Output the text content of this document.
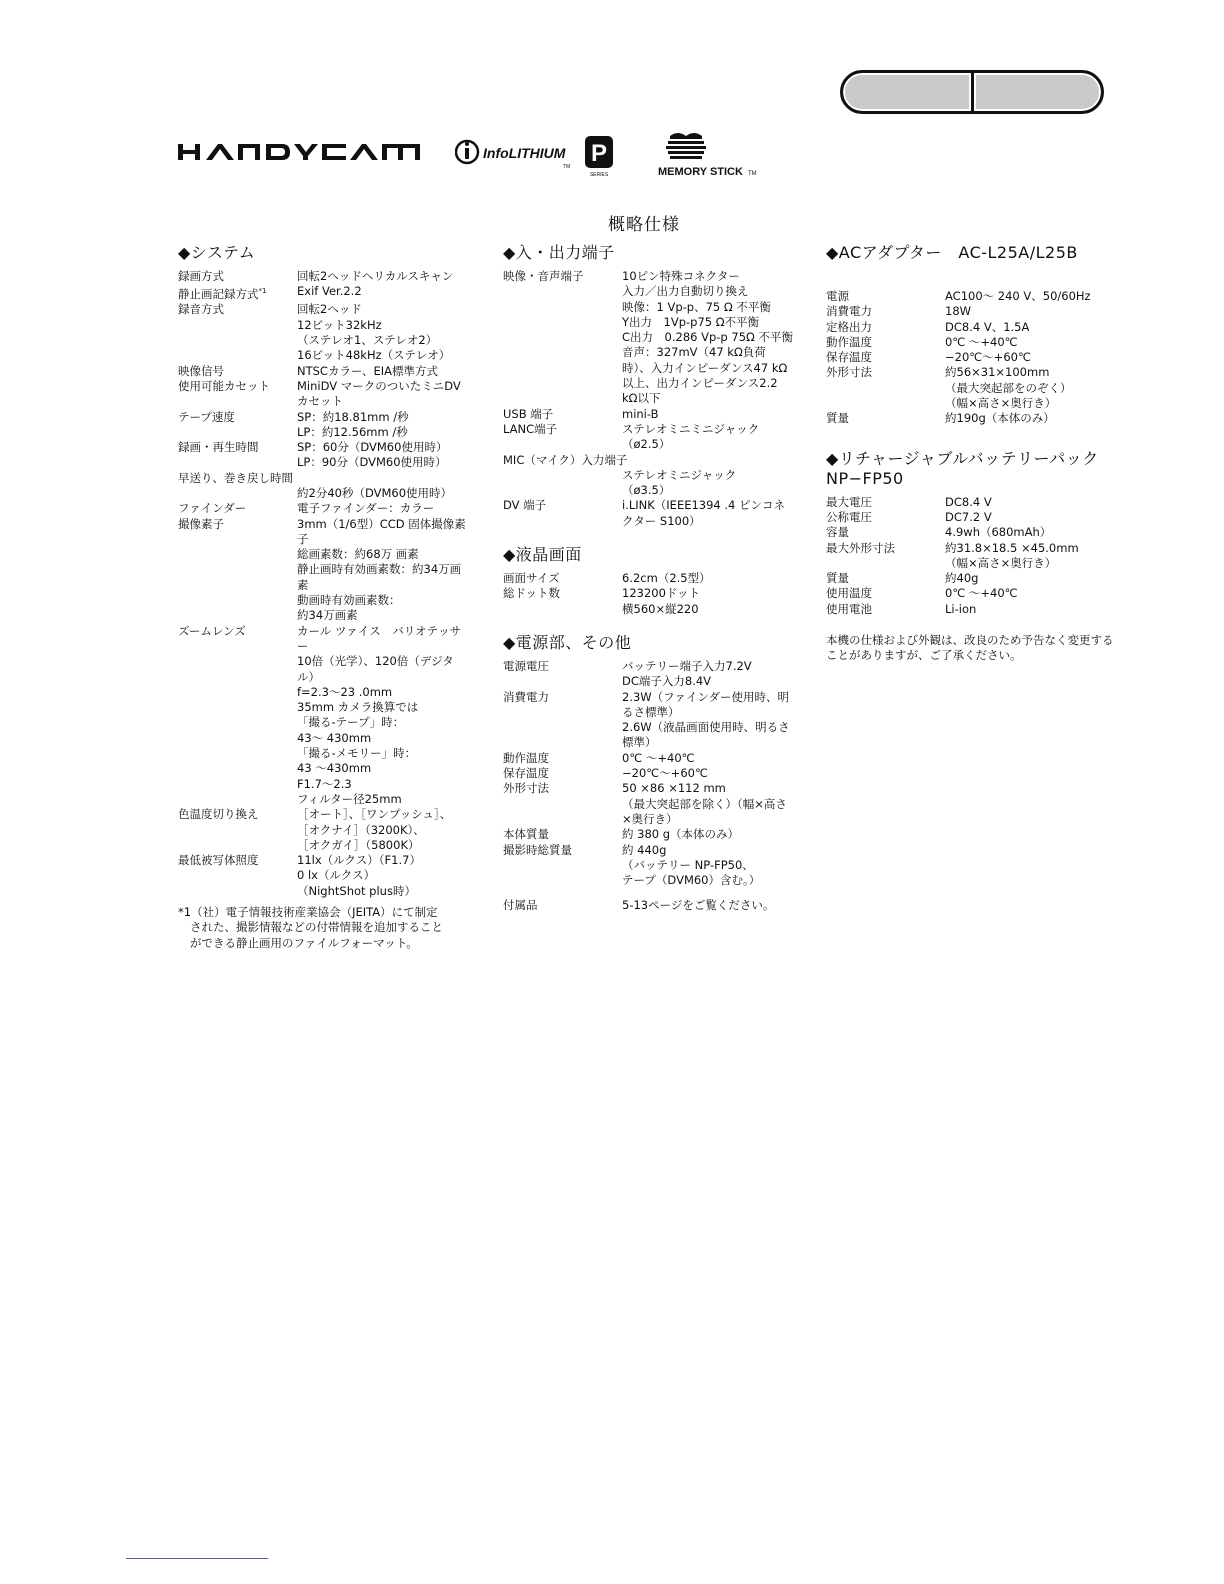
P
InfoLITHIUM
TM
SERIES	MEMORY STICK TM
概略仕様
◆システム
録画方式	回転2ヘッドヘリカルスキャン
静止画記録方式$^{*1}$	Exif Ver.2.2
録音方式	回転2ヘッド
12ビット32kHz
（ステレオ1、ステレオ2）
16ビット48kHz（ステレオ）
映像信号	NTSCカラー、EIA標準方式
使用可能カセット	MiniDV マークのついたミニDVカセット
テープ速度	SP：約18.81mm /秒
LP：約12.56mm /秒
録画・再生時間	SP：60分（DVM60使用時）
LP：90分（DVM60使用時）
早送り、巻き戻し時間
約2分40秒（DVM60使用時）
ファインダー	電子ファインダー：カラー
撮像素子	3mm（1/6型）CCD 固体撮像素子
総画素数：約68万 画素
静止画時有効画素数：約34万画素
動画時有効画素数：
約34万画素
ズームレンズ	カール ツァイス　バリオテッサー
10倍（光学）、120倍（デジタル）
f=2.3〜23 .0mm
35mm カメラ換算では
「撮る-テープ」時：
43〜 430mm
「撮る-メモリー」時：
43 〜430mm
F1.7〜2.3
フィルター径25mm
色温度切り換え	［オート］、［ワンプッシュ］、［オクナイ］（3200K）、
［オクガイ］（5800K）
最低被写体照度	11lx（ルクス）（F1.7）
0 lx（ルクス）
（NightShot plus時）
*1（社）電子情報技術産業協会（JEITA）にて制定
された、撮影情報などの付帯情報を追加すること
ができる静止画用のファイルフォーマット。
◆入・出力端子
映像・音声端子	10ピン特殊コネクター
入力／出力自動切り換え
映像：1 Vp-p、75 Ω 不平衡
Y出力　1Vp-p75 Ω不平衡
C出力　0.286 Vp-p 75Ω 不平衡
音声：327mV（47 kΩ負荷時）、入力インピーダンス47 kΩ以上、出力インピーダンス2.2 kΩ以下
USB 端子	mini-B
LANC端子	ステレオミニミニジャック
（ø2.5）
MIC（マイク）入力端子
ステレオミニジャック
（ø3.5）
DV 端子	i.LINK（IEEE1394 .4 ピンコネクター S100）
◆液晶画面
画面サイズ	6.2cm（2.5型）
総ドット数	123200ドット
横560×縦220
◆電源部、その他
電源電圧	バッテリー端子入力7.2V
DC端子入力8.4V
消費電力	2.3W（ファインダー使用時、明るさ標準）
2.6W（液晶画面使用時、明るさ標準）
動作温度	0℃ 〜+40℃
保存温度	−20℃〜+60℃
外形寸法	50 ×86 ×112 mm
（最大突起部を除く）（幅×高さ×奥行き）
本体質量	約 380 g（本体のみ）
撮影時総質量	約 440g
（バッテリー NP-FP50、
テープ（DVM60）含む。）
付属品	5-13ページをご覧ください。
◆ACアダプター　AC-L25A/L25B
電源	AC100〜 240 V、50/60Hz
消費電力	18W
定格出力	DC8.4 V、1.5A
動作温度	0℃ 〜+40℃
保存温度	−20℃〜+60℃
外形寸法	約56×31×100mm
（最大突起部をのぞく）
（幅×高さ×奥行き）
質量	約190g（本体のみ）
◆リチャージャブルバッテリーパックNP−FP50
最大電圧	DC8.4 V
公称電圧	DC7.2 V
容量	4.9wh（680mAh）
最大外形寸法	約31.8×18.5 ×45.0mm
（幅×高さ×奥行き）
質量	約40g
使用温度	0℃ 〜+40℃
使用電池	Li-ion
本機の仕様および外観は、改良のため予告なく変更することがありますが、ご了承ください。
